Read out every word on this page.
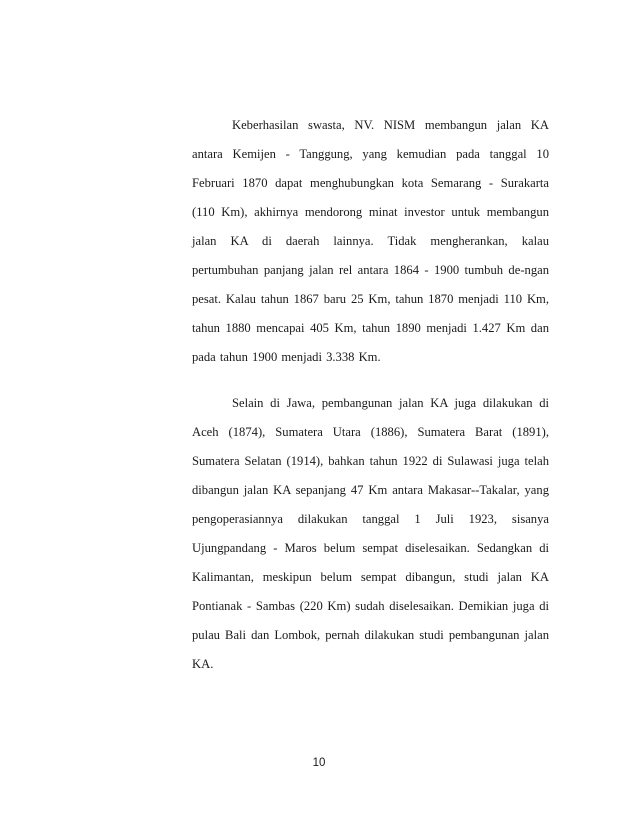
Keberhasilan swasta, NV. NISM membangun jalan KA antara Kemijen - Tanggung, yang kemudian pada tanggal 10 Februari 1870 dapat menghubungkan kota Semarang - Surakarta (110 Km), akhirnya mendorong minat investor untuk membangun jalan KA di daerah lainnya. Tidak mengherankan, kalau pertumbuhan panjang jalan rel antara 1864 - 1900 tumbuh de-ngan pesat. Kalau tahun 1867 baru 25 Km, tahun 1870 menjadi 110 Km, tahun 1880 mencapai 405 Km, tahun 1890 menjadi 1.427 Km dan pada tahun 1900 menjadi 3.338 Km.

Selain di Jawa, pembangunan jalan KA juga dilakukan di Aceh (1874), Sumatera Utara (1886), Sumatera Barat (1891), Sumatera Selatan (1914), bahkan tahun 1922 di Sulawasi juga telah dibangun jalan KA sepanjang 47 Km antara Makasar--Takalar, yang pengoperasiannya dilakukan tanggal 1 Juli 1923, sisanya Ujungpandang - Maros belum sempat diselesaikan. Sedangkan di Kalimantan, meskipun belum sempat dibangun, studi jalan KA Pontianak - Sambas (220 Km) sudah diselesaikan. Demikian juga di pulau Bali dan Lombok, pernah dilakukan studi pembangunan jalan KA.

10
